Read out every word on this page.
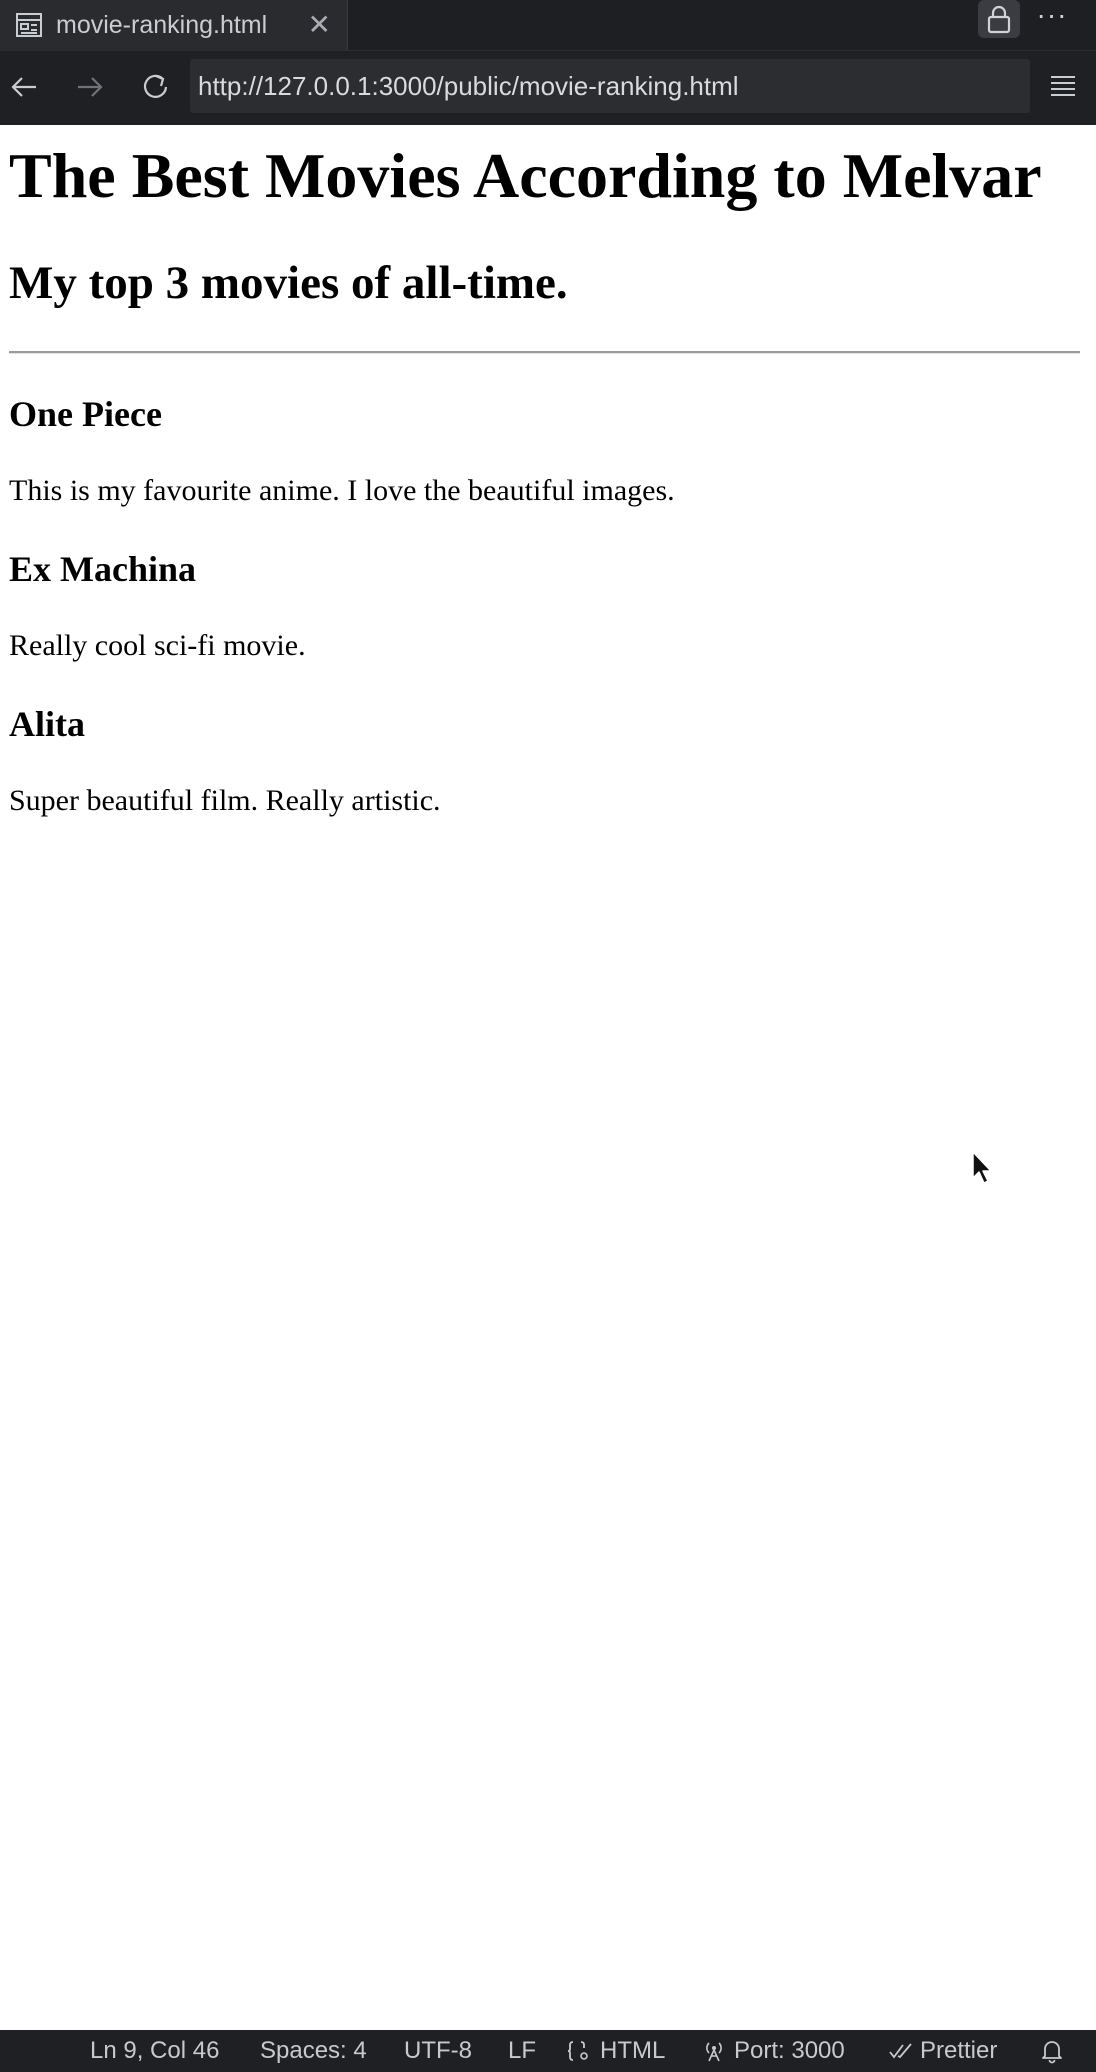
movie-ranking.html ✕	···
http://127.0.0.1:3000/public/movie-ranking.html
The Best Movies According to Melvar
My top 3 movies of all-time.
One Piece

This is my favourite anime. I love the beautiful images.

Ex Machina

Really cool sci-fi movie.

Alita

Super beautiful film. Really artistic.

Ln 9, Col 46 Spaces: 4 UTF-8 LF	HTML	Port: 3000	Prettier
